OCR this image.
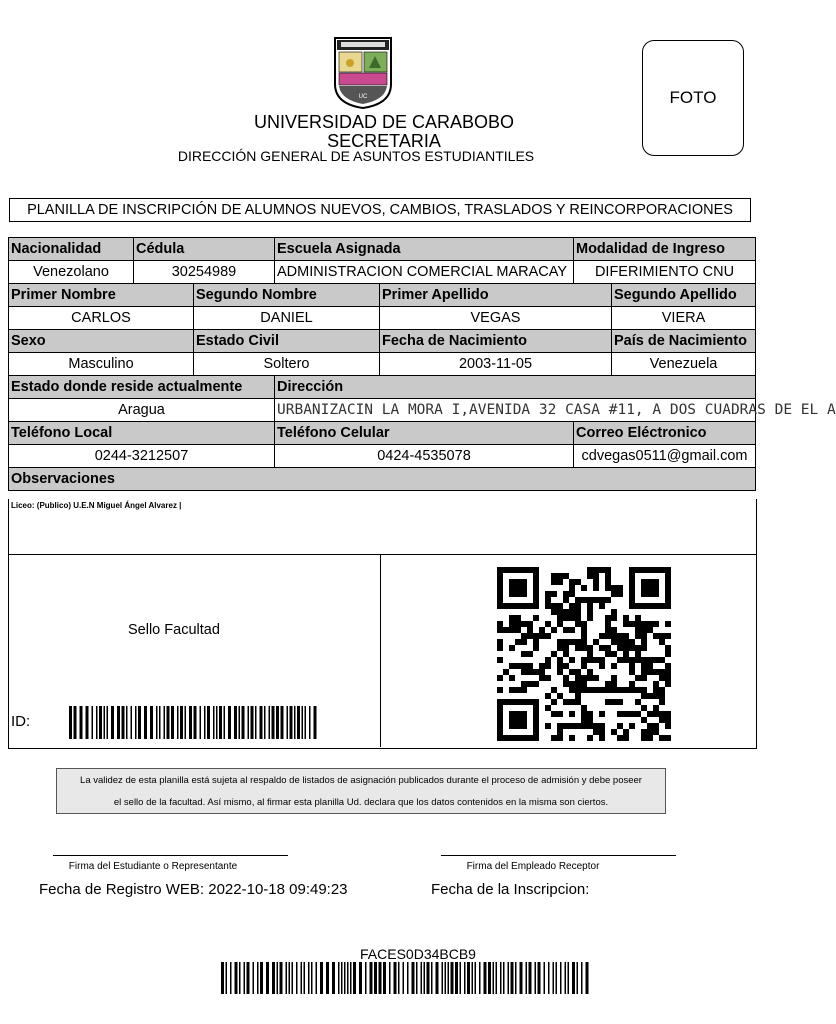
UC	FOTO
UNIVERSIDAD DE CARABOBO
SECRETARIA
DIRECCIÓN GENERAL DE ASUNTOS ESTUDIANTILES
PLANILLA DE INSCRIPCIÓN DE ALUMNOS NUEVOS, CAMBIOS, TRASLADOS Y REINCORPORACIONES
Nacionalidad	Cédula		Escuela Asignada		Modalidad de Ingreso	
Venezolano	30254989		ADMINISTRACION COMERCIAL MARACAY		DIFERIMIENTO CNU	
Primer Nombre		Segundo Nombre		Primer Apellido		Segundo Apellido
CARLOS		DANIEL		VEGAS		VIERA
Sexo		Estado Civil		Fecha de Nacimiento		País de Nacimiento
Masculino		Soltero		2003-11-05		Venezuela
Estado donde reside actualmente			Dirección			
Aragua			URBANIZACIN LA MORA I,AVENIDA 32 CASA #11, A DOS CUADRAS DE EL A			
Teléfono Local			Teléfono Celular		Correo Eléctronico	
0244-3212507			0424-4535078		cdvegas0511@gmail.com	
Observaciones						
Liceo: (Publico) U.E.N Miguel Ángel Alvarez |
Sello Facultad
ID:
La validez de esta planilla está sujeta al respaldo de listados de asignación publicados durante el proceso de admisión y debe poseer
el sello de la facultad. Así mismo, al firmar esta planilla Ud. declara que los datos contenidos en la misma son ciertos.
Firma del Estudiante o Representante	Firma del Empleado Receptor
Fecha de Registro WEB: 2022-10-18 09:49:23	Fecha de la Inscripcion:
FACES0D34BCB9
